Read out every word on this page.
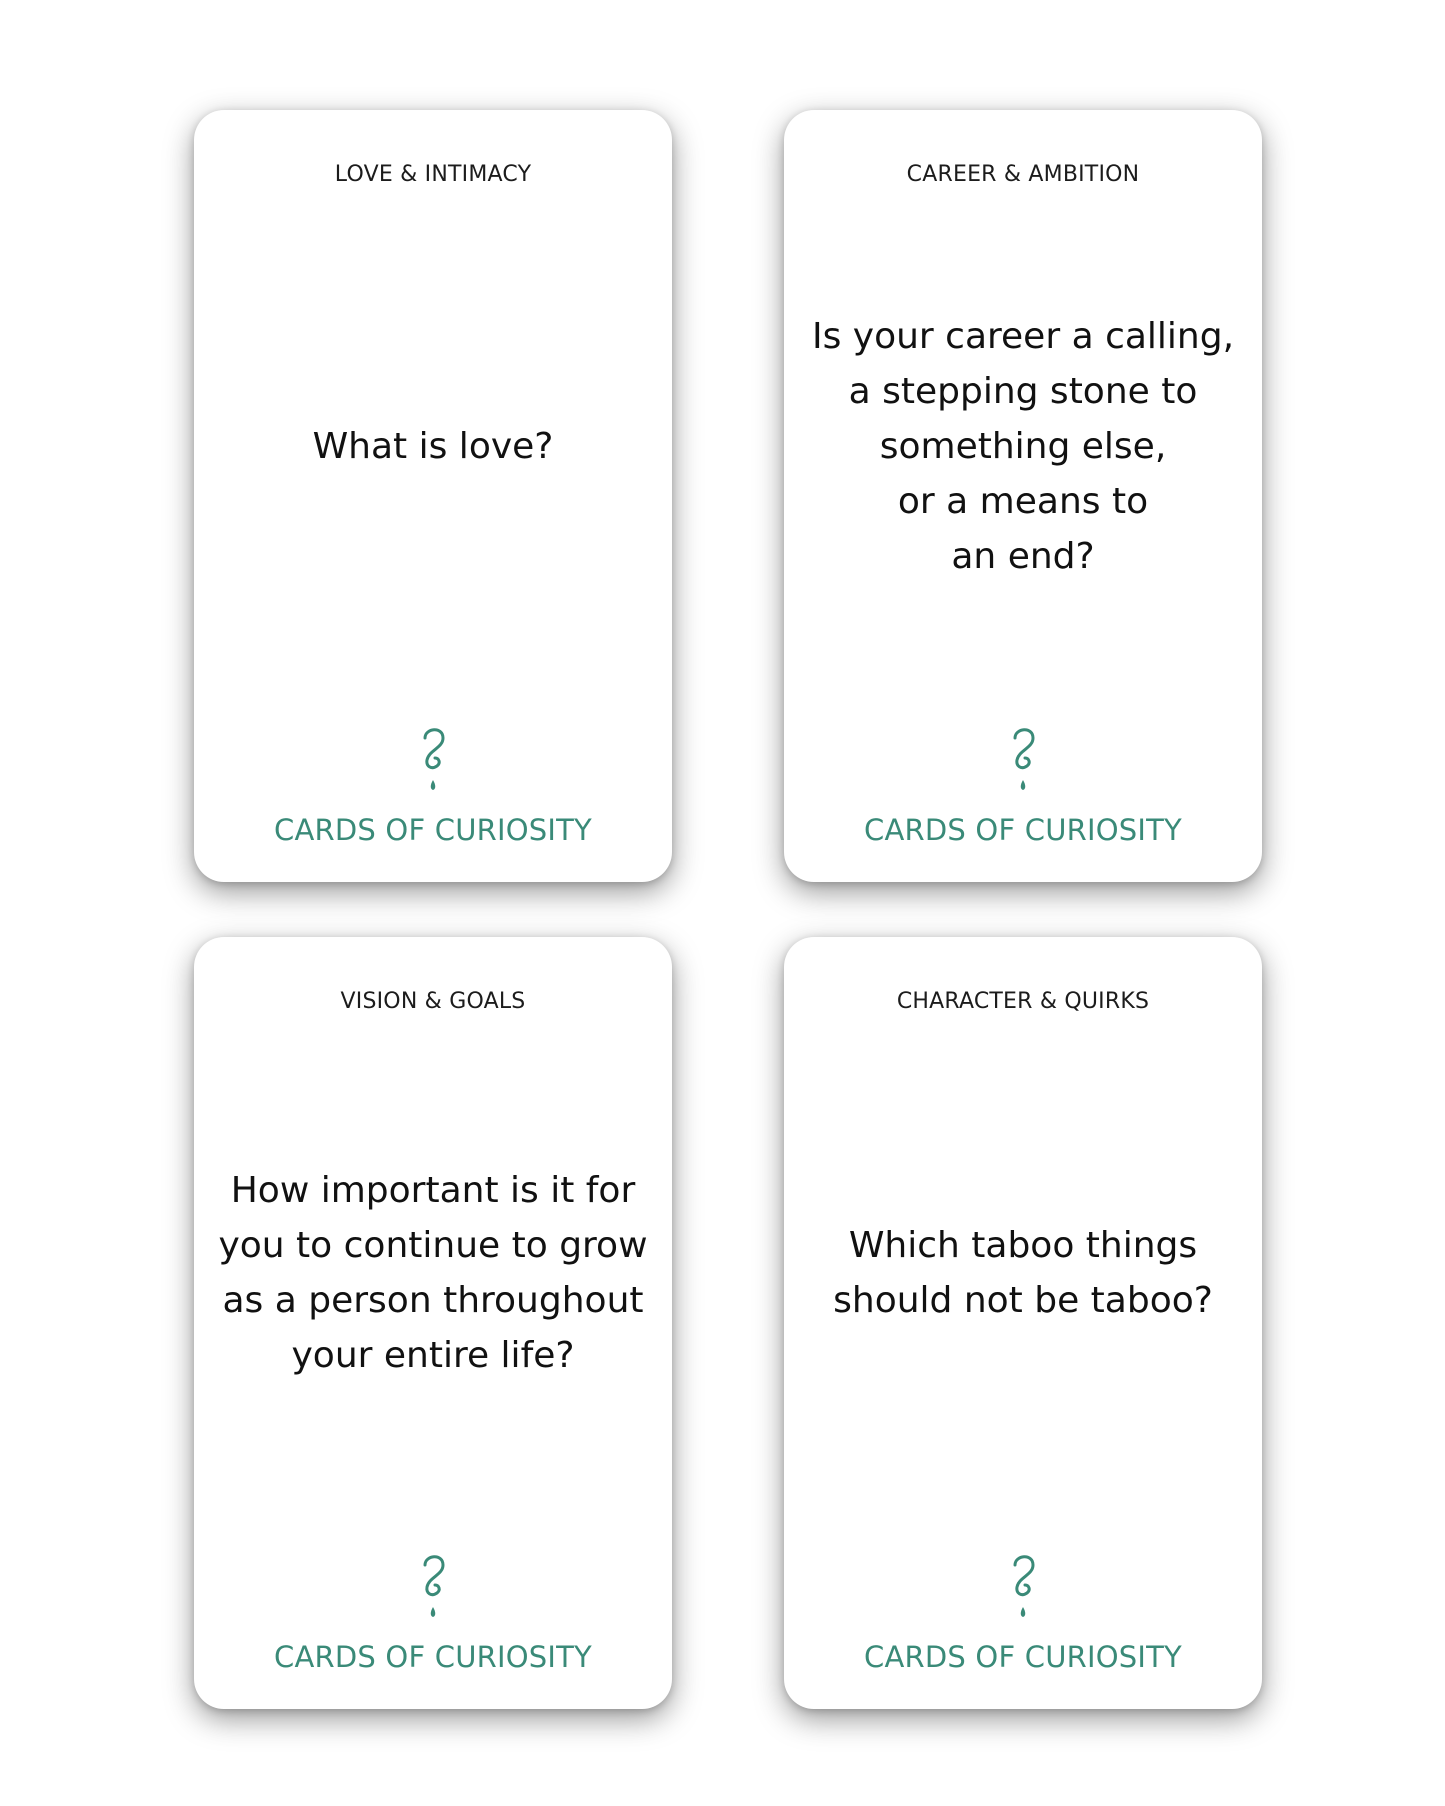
LOVE & INTIMACY
What is love?
CARDS OF CURIOSITY
CAREER & AMBITION
Is your career a calling,
a stepping stone to
something else,
or a means to
an end?
CARDS OF CURIOSITY
VISION & GOALS
How important is it for
you to continue to grow
as a person throughout
your entire life?
CARDS OF CURIOSITY
CHARACTER & QUIRKS
Which taboo things
should not be taboo?
CARDS OF CURIOSITY
